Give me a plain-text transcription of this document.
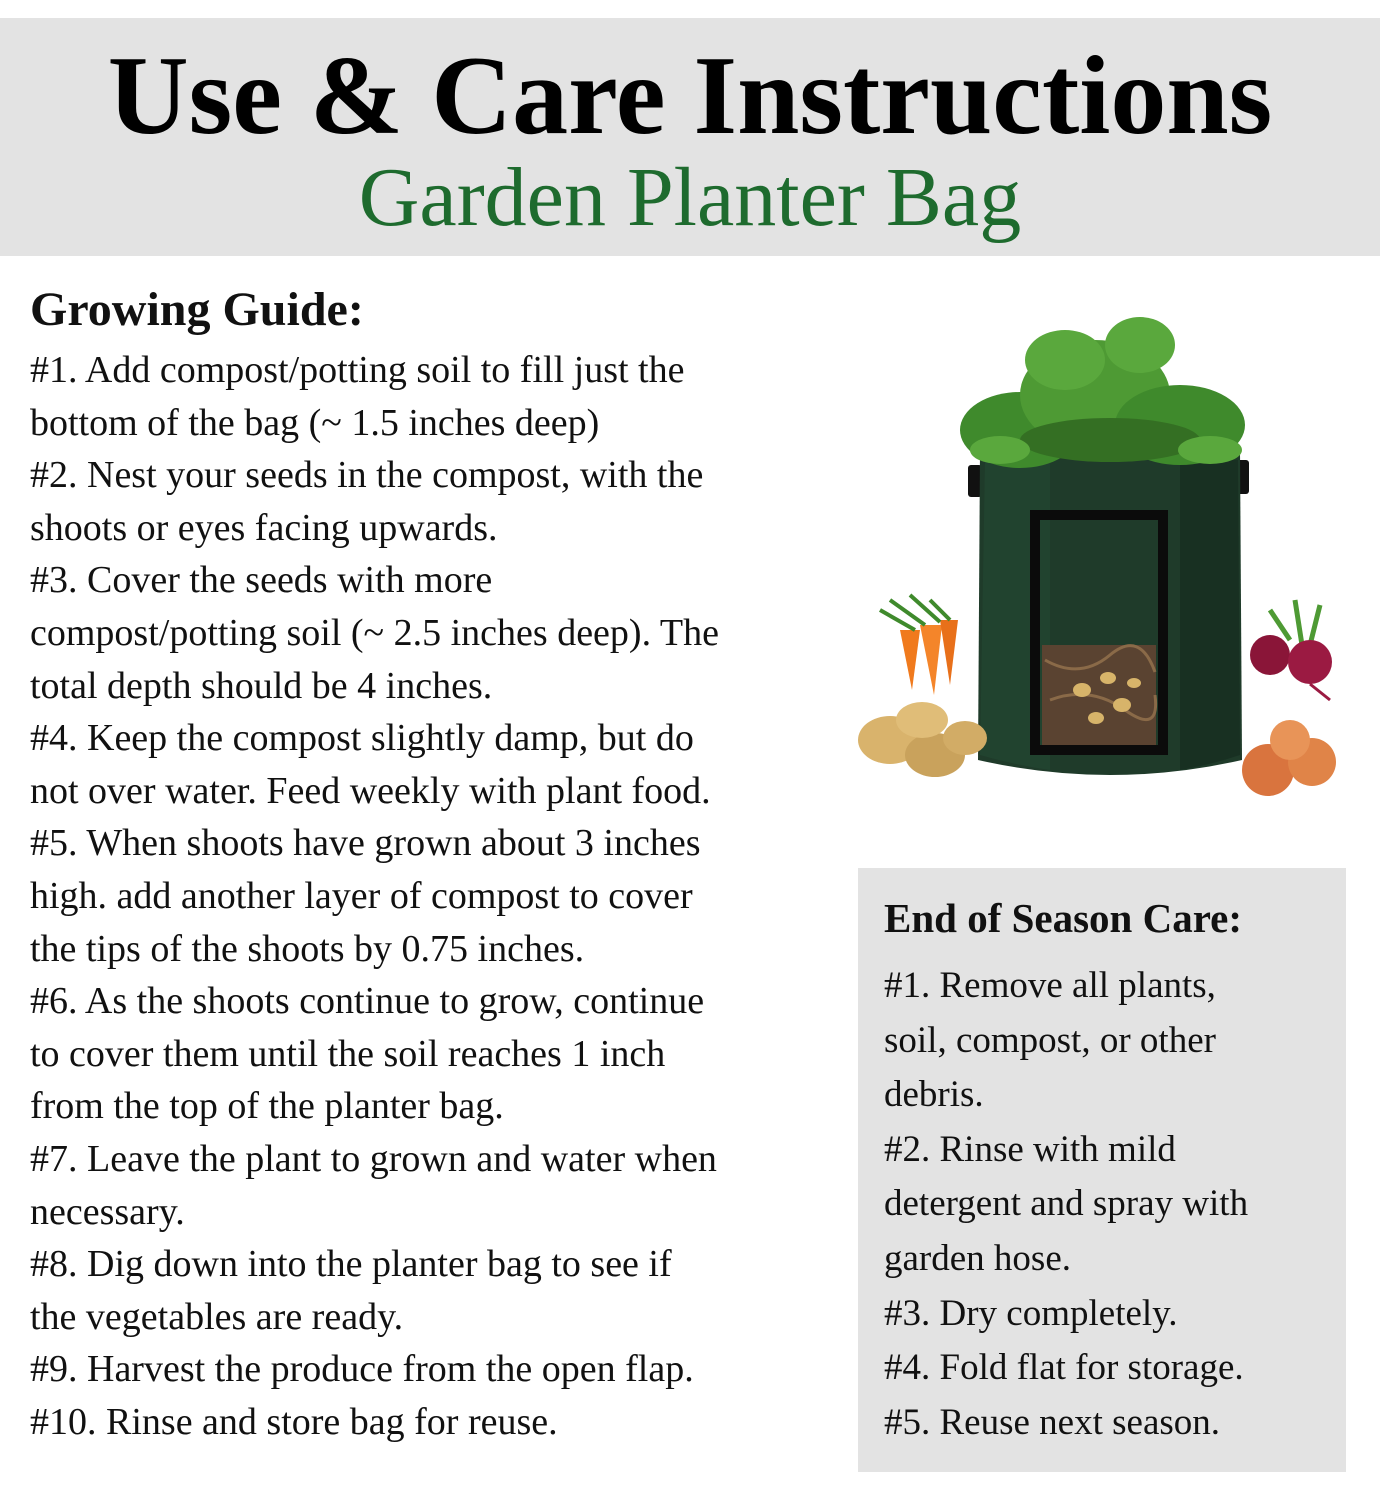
Use & Care Instructions
Garden Planter Bag
Growing Guide:
#1. Add compost/potting soil to fill just the
bottom of the bag (~ 1.5 inches deep)
#2. Nest your seeds in the compost, with the
shoots or eyes facing upwards.
#3. Cover the seeds with more
compost/potting soil (~ 2.5 inches deep). The
total depth should be 4 inches.
#4. Keep the compost slightly damp, but do
not over water. Feed weekly with plant food.
#5. When shoots have grown about 3 inches
high. add another layer of compost to cover
the tips of the shoots by 0.75 inches.
#6. As the shoots continue to grow, continue
to cover them until the soil reaches 1 inch
from the top of the planter bag.
#7. Leave the plant to grown and water when
necessary.
#8. Dig down into the planter bag to see if
the vegetables are ready.
#9. Harvest the produce from the open flap.
#10. Rinse and store bag for reuse.
End of Season Care:
#1. Remove all plants,
soil, compost, or other
debris.
#2. Rinse with mild
detergent and spray with
garden hose.
#3. Dry completely.
#4. Fold flat for storage.
#5. Reuse next season.
